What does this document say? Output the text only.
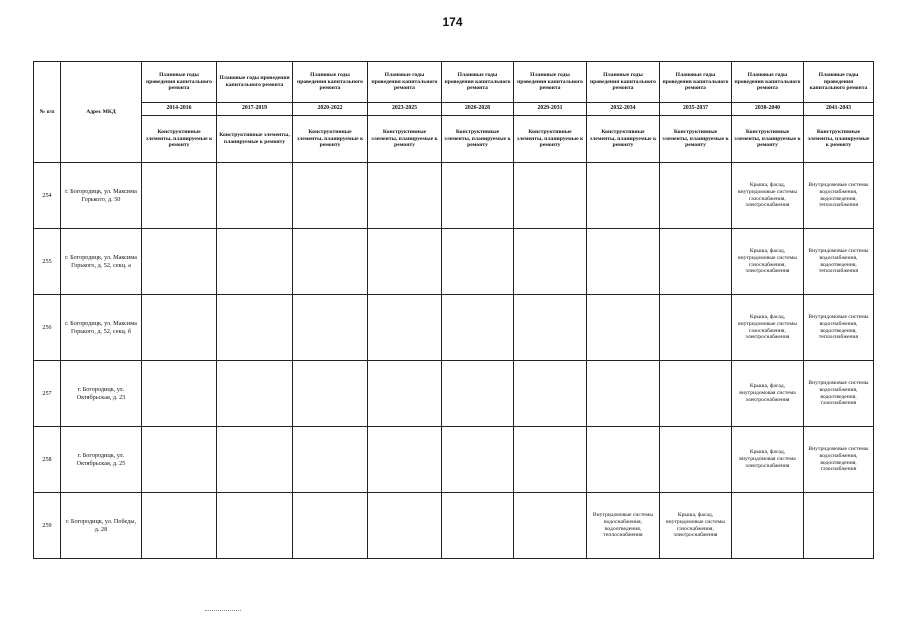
174
№ п/п	Адрес МКД	Плановые годы проведения капитального ремонта	Плановые годы проведения капитального ремонта	Плановые годы проведения капитального ремонта	Плановые годы проведения капитального ремонта	Плановые годы проведения капитального ремонта	Плановые годы проведения капитального ремонта	Плановые годы проведения капитального ремонта	Плановые годы проведения капитального ремонта	Плановые годы проведения капитального ремонта	Плановые годы проведения капитального ремонта
		2014-2016	2017-2019	2020-2022	2023-2025	2026-2028	2029-2031	2032-2034	2035-2037	2038-2040	2041-2043
		Конструктивные элементы, планируемые к ремонту	Конструктивные элементы, планируемые к ремонту	Конструктивные элементы, планируемые к ремонту	Конструктивные элементы, планируемые к ремонту	Конструктивные элементы, планируемые к ремонту	Конструктивные элементы, планируемые к ремонту	Конструктивные элементы, планируемые к ремонту	Конструктивные элементы, планируемые к ремонту	Конструктивные элементы, планируемые к ремонту	Конструктивные элементы, планируемые к ремонту
254	г. Богородицк, ул. Максима Горького, д. 50									Крыша, фасад, внутридомовые системы газоснабжения, электроснабжения	Внутридомовые системы водоснабжения, водоотведения, теплоснабжения
255	г. Богородицк, ул. Максима Горького, д. 52, секц. а									Крыша, фасад, внутридомовые системы газоснабжения, электроснабжения	Внутридомовые системы водоснабжения, водоотведения, теплоснабжения
256	г. Богородицк, ул. Максима Горького, д. 52, секц. б									Крыша, фасад, внутридомовые системы газоснабжения, электроснабжения	Внутридомовые системы водоснабжения, водоотведения, теплоснабжения
257	г. Богородицк, ул. Октябрьская, д. 23									Крыша, фасад, внутридомовая система электроснабжения	Внутридомовые системы водоснабжения, водоотведения, газоснабжения
258	г. Богородицк, ул. Октябрьская, д. 25									Крыша, фасад, внутридомовая система электроснабжения	Внутридомовые системы водоснабжения, водоотведения, газоснабжения
259	г. Богородицк, ул. Победы, д. 28							Внутридомовые системы водоснабжения, водоотведения, теплоснабжения	Крыша, фасад, внутридомовые системы газоснабжения, электроснабжения		
